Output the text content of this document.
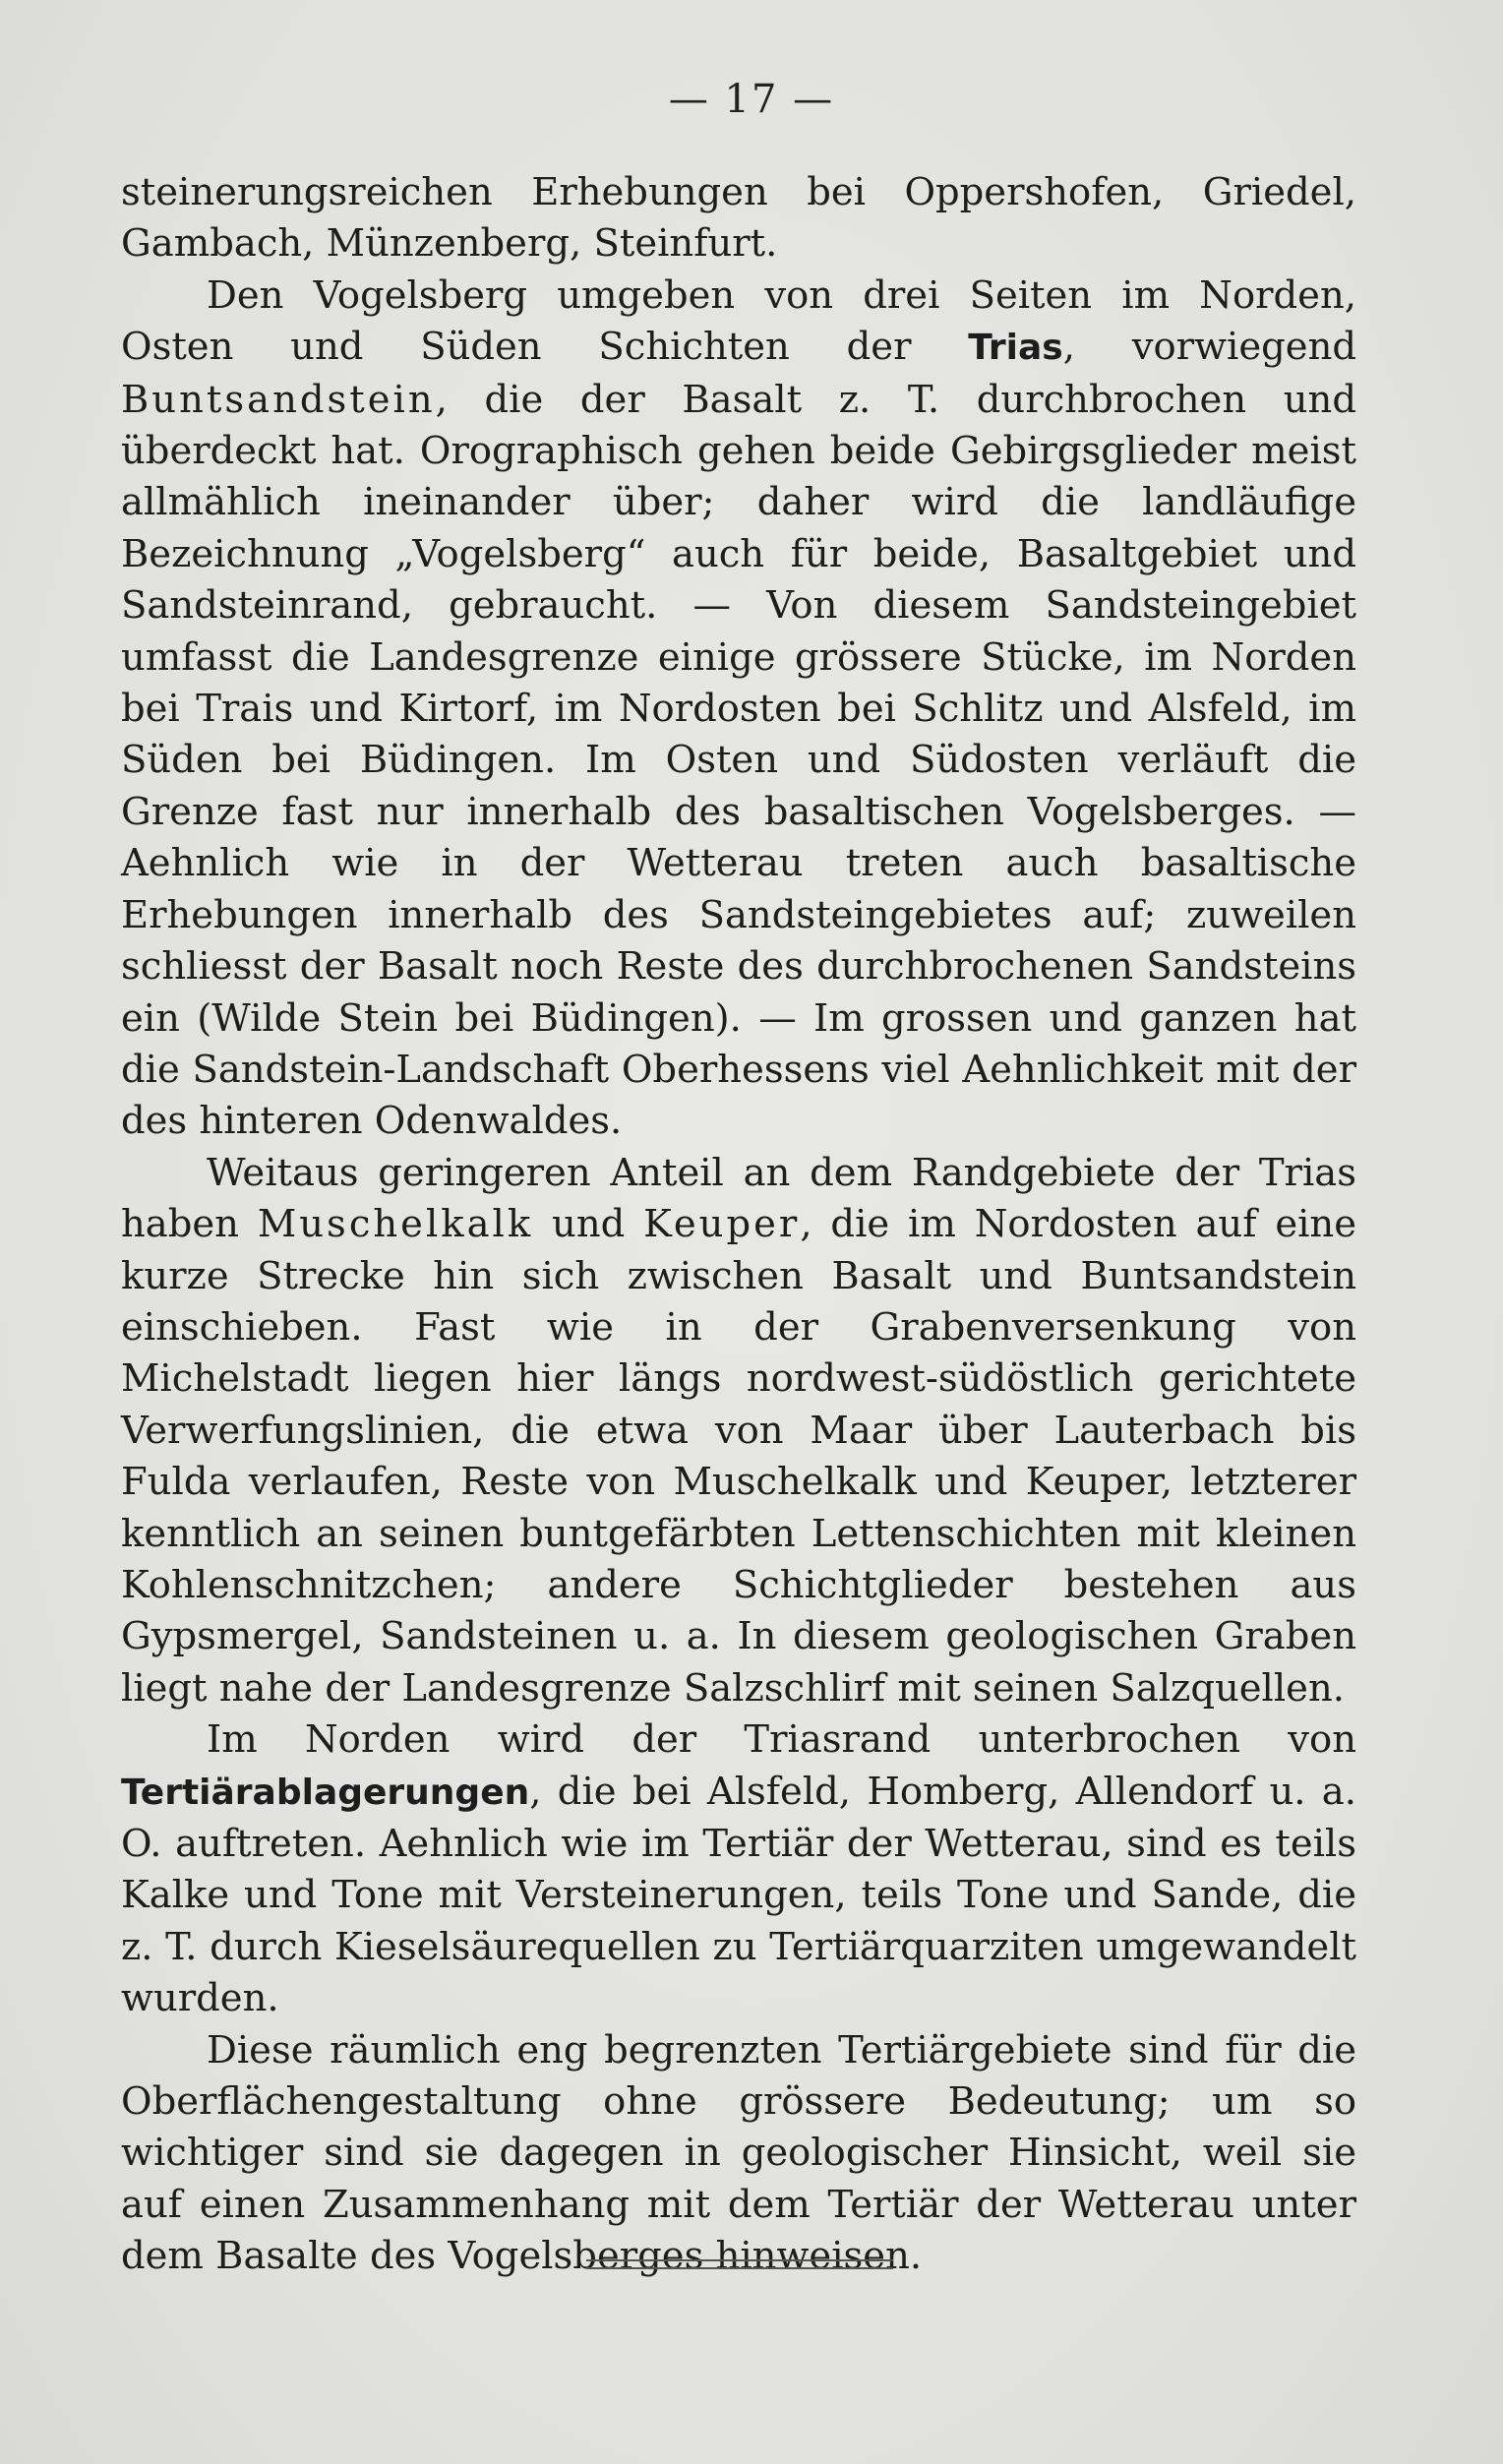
— 17 —

steinerungsreichen Erhebungen bei Oppershofen, Griedel, Gambach, Münzenberg, Steinfurt.

Den Vogelsberg umgeben von drei Seiten im Norden, Osten und Süden Schichten der Trias, vorwiegend Buntsandstein, die der Basalt z. T. durchbrochen und überdeckt hat. Orographisch gehen beide Gebirgsglieder meist allmählich ineinander über; daher wird die landläufige Bezeichnung „Vogelsberg“ auch für beide, Basaltgebiet und Sandsteinrand, gebraucht. — Von diesem Sandsteingebiet umfasst die Landesgrenze einige grössere Stücke, im Norden bei Trais und Kirtorf, im Nordosten bei Schlitz und Alsfeld, im Süden bei Büdingen. Im Osten und Südosten verläuft die Grenze fast nur innerhalb des basaltischen Vogelsberges. — Aehnlich wie in der Wetterau treten auch basaltische Erhebungen innerhalb des Sandsteingebietes auf; zuweilen schliesst der Basalt noch Reste des durchbrochenen Sandsteins ein (Wilde Stein bei Büdingen). — Im grossen und ganzen hat die Sandstein-Landschaft Oberhessens viel Aehnlichkeit mit der des hinteren Odenwaldes.

Weitaus geringeren Anteil an dem Randgebiete der Trias haben Muschelkalk und Keuper, die im Nordosten auf eine kurze Strecke hin sich zwischen Basalt und Buntsandstein einschieben. Fast wie in der Grabenversenkung von Michelstadt liegen hier längs nordwest-südöstlich gerichtete Verwerfungslinien, die etwa von Maar über Lauterbach bis Fulda verlaufen, Reste von Muschelkalk und Keuper, letzterer kenntlich an seinen buntgefärbten Lettenschichten mit kleinen Kohlenschnitzchen; andere Schichtglieder bestehen aus Gypsmergel, Sandsteinen u. a. In diesem geologischen Graben liegt nahe der Landesgrenze Salzschlirf mit seinen Salzquellen.

Im Norden wird der Triasrand unterbrochen von Tertiärablagerungen, die bei Alsfeld, Homberg, Allendorf u. a. O. auftreten. Aehnlich wie im Tertiär der Wetterau, sind es teils Kalke und Tone mit Versteinerungen, teils Tone und Sande, die z. T. durch Kieselsäurequellen zu Tertiärquarziten umgewandelt wurden.

Diese räumlich eng begrenzten Tertiärgebiete sind für die Oberflächengestaltung ohne grössere Bedeutung; um so wichtiger sind sie dagegen in geologischer Hinsicht, weil sie auf einen Zusammenhang mit dem Tertiär der Wetterau unter dem Basalte des Vogelsberges hinweisen.
